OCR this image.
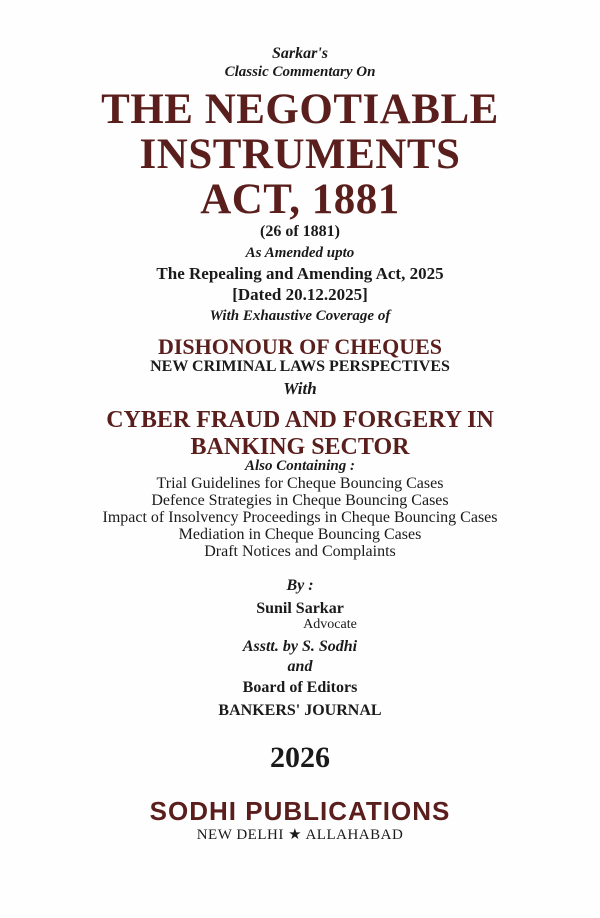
Sarkar's
Classic Commentary On
THE NEGOTIABLE
INSTRUMENTS
ACT, 1881
(26 of 1881)
As Amended upto
The Repealing and Amending Act, 2025
[Dated 20.12.2025]
With Exhaustive Coverage of
DISHONOUR OF CHEQUES
NEW CRIMINAL LAWS PERSPECTIVES
With
CYBER FRAUD AND FORGERY IN
BANKING SECTOR
Also Containing :
Trial Guidelines for Cheque Bouncing Cases
Defence Strategies in Cheque Bouncing Cases
Impact of Insolvency Proceedings in Cheque Bouncing Cases
Mediation in Cheque Bouncing Cases
Draft Notices and Complaints
By :
Sunil Sarkar
Advocate
Asstt. by S. Sodhi
and
Board of Editors
BANKERS' JOURNAL
2026
SODHI PUBLICATIONS
NEW DELHI ★ ALLAHABAD
